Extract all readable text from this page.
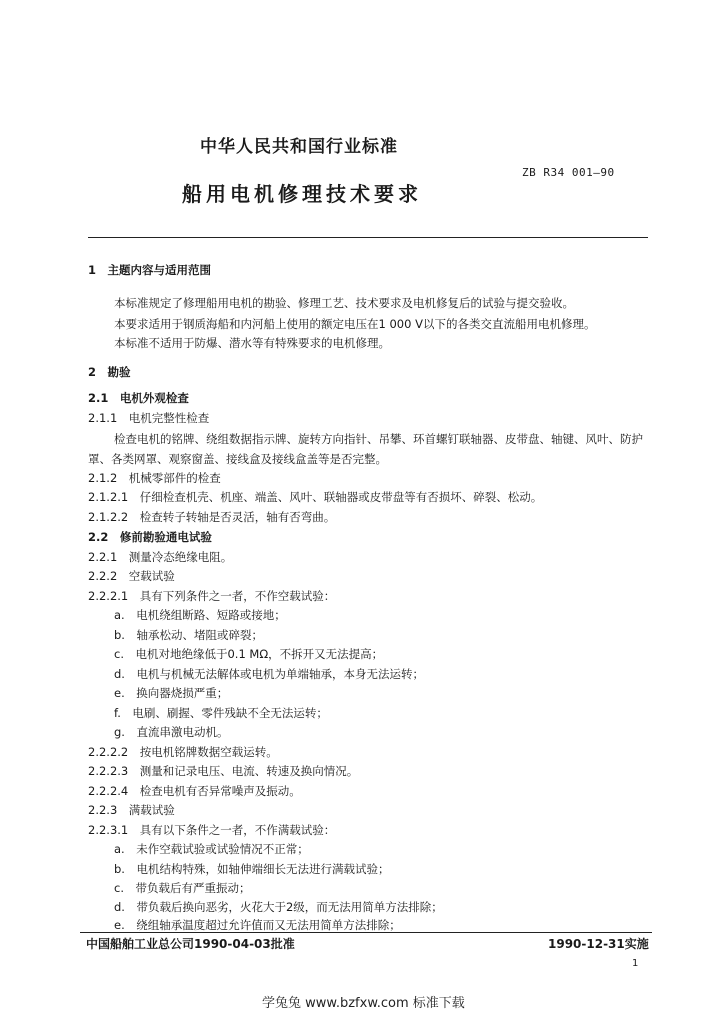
中华人民共和国行业标准
ZB R34 001—90
船用电机修理技术要求
1　主题内容与适用范围
本标准规定了修理船用电机的勘验、修理工艺、技术要求及电机修复后的试验与提交验收。
本要求适用于钢质海船和内河船上使用的额定电压在1 000 V以下的各类交直流船用电机修理。
本标准不适用于防爆、潜水等有特殊要求的电机修理。
2　勘验
2.1　电机外观检查
2.1.1　电机完整性检查
检查电机的铭牌、绕组数据指示牌、旋转方向指针、吊攀、环首螺钉联轴器、皮带盘、轴键、风叶、防护
罩、各类网罩、观察窗盖、接线盒及接线盒盖等是否完整。
2.1.2　机械零部件的检查
2.1.2.1　仔细检查机壳、机座、端盖、风叶、联轴器或皮带盘等有否损坏、碎裂、松动。
2.1.2.2　检查转子转轴是否灵活，轴有否弯曲。
2.2　修前勘验通电试验
2.2.1　测量冷态绝缘电阻。
2.2.2　空载试验
2.2.2.1　具有下列条件之一者，不作空载试验：
a.　电机绕组断路、短路或接地；
b.　轴承松动、堵阻或碎裂；
c.　电机对地绝缘低于0.1 MΩ，不拆开又无法提高；
d.　电机与机械无法解体或电机为单端轴承，本身无法运转；
e.　换向器烧损严重；
f.　电刷、刷握、零件残缺不全无法运转；
g.　直流串激电动机。
2.2.2.2　按电机铭牌数据空载运转。
2.2.2.3　测量和记录电压、电流、转速及换向情况。
2.2.2.4　检查电机有否异常噪声及振动。
2.2.3　满载试验
2.2.3.1　具有以下条件之一者，不作满载试验：
a.　未作空载试验或试验情况不正常；
b.　电机结构特殊，如轴伸端细长无法进行满载试验；
c.　带负载后有严重振动；
d.　带负载后换向恶劣，火花大于2级，而无法用简单方法排除；
e.　绕组轴承温度超过允许值而又无法用简单方法排除；
中国船舶工业总公司1990-04-03批准	1990-12-31实施
1
学兔兔 www.bzfxw.com 标准下载
